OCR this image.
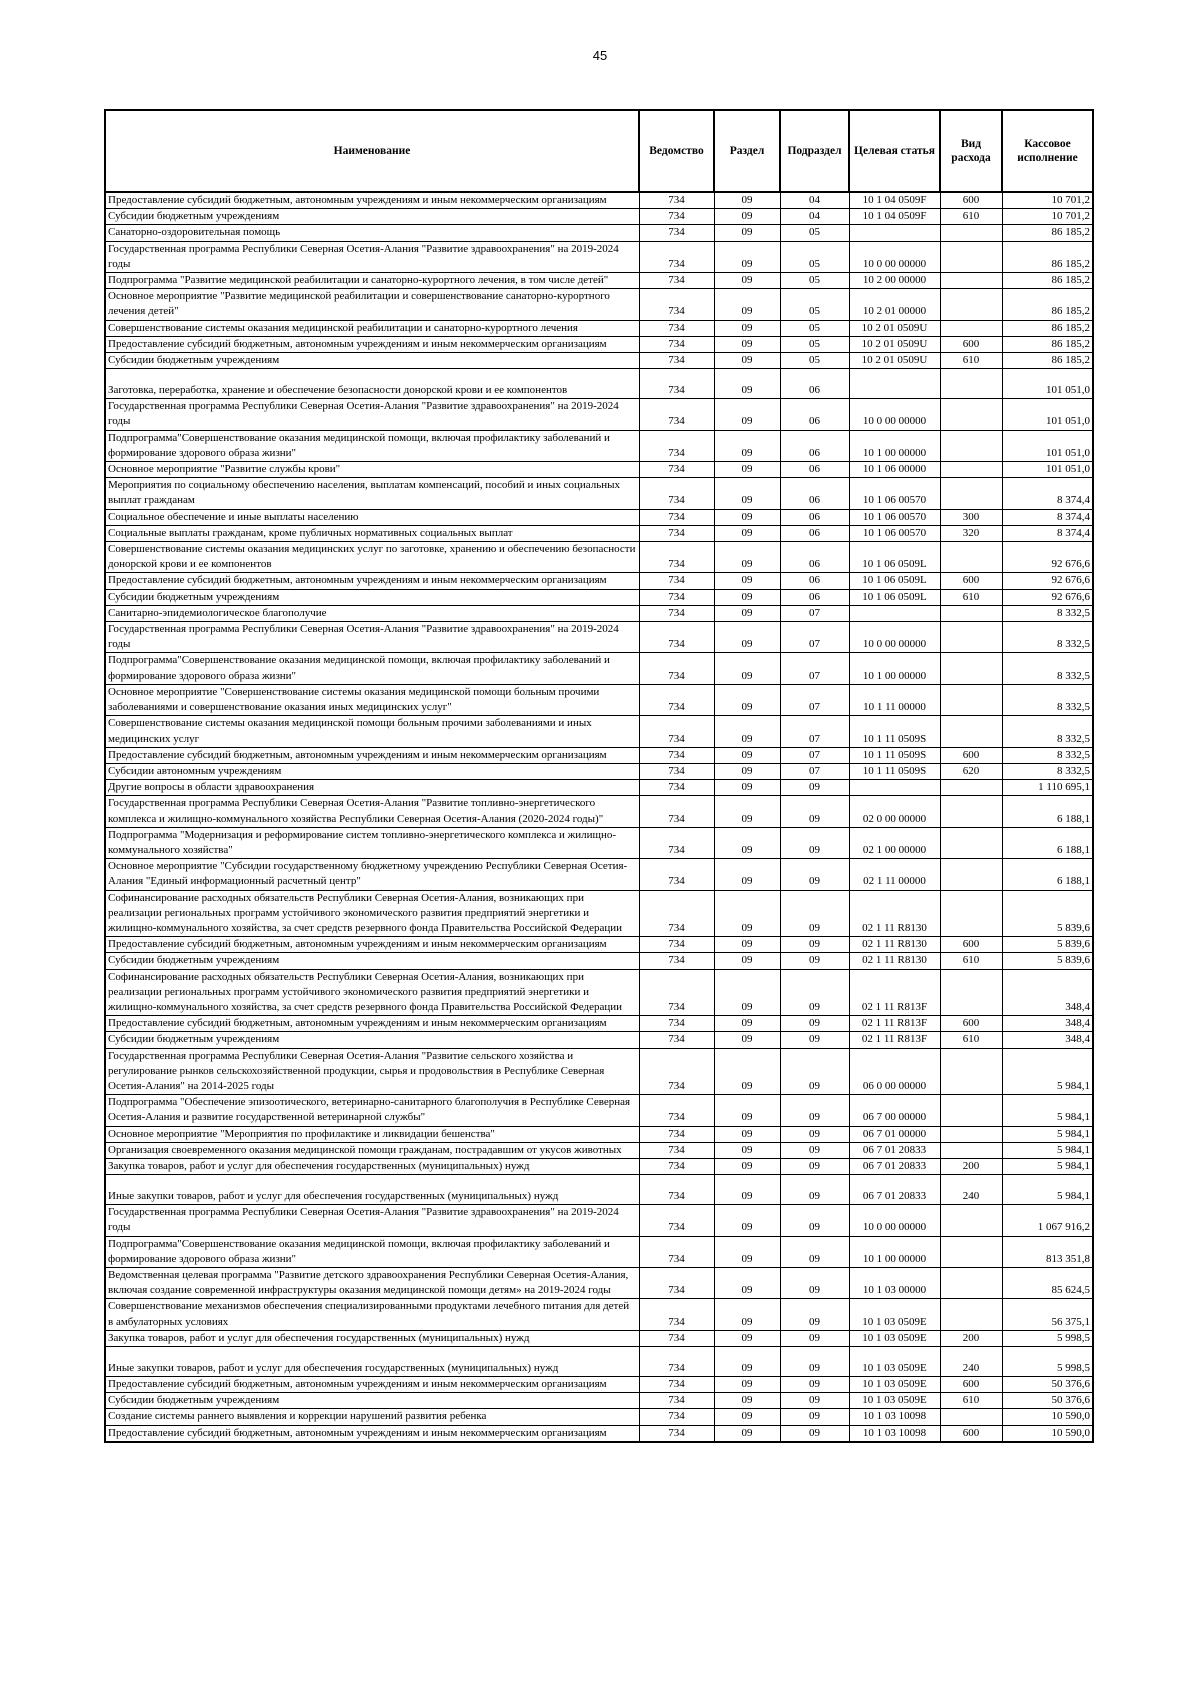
45
Наименование	Ведомство	Раздел	Подраздел	Целевая статья	Вид расхода	Кассовое исполнение
Предоставление субсидий бюджетным, автономным учреждениям и иным некоммерческим организациям	734	09	04	10 1 04 0509F	600	10 701,2
Субсидии бюджетным учреждениям	734	09	04	10 1 04 0509F	610	10 701,2
Санаторно-оздоровительная помощь	734	09	05			86 185,2
Государственная программа Республики Северная Осетия-Алания "Развитие здравоохранения" на 2019-2024 годы	734	09	05	10 0 00 00000		86 185,2
Подпрограмма "Развитие медицинской реабилитации и санаторно-курортного лечения, в том числе детей"	734	09	05	10 2 00 00000		86 185,2
Основное мероприятие "Развитие медицинской реабилитации и совершенствование санаторно-курортного лечения детей"	734	09	05	10 2 01 00000		86 185,2
Совершенствование системы оказания медицинской реабилитации и санаторно-курортного лечения	734	09	05	10 2 01 0509U		86 185,2
Предоставление субсидий бюджетным, автономным учреждениям и иным некоммерческим организациям	734	09	05	10 2 01 0509U	600	86 185,2
Субсидии бюджетным учреждениям	734	09	05	10 2 01 0509U	610	86 185,2
Заготовка, переработка, хранение и обеспечение безопасности донорской крови и ее компонентов	734	09	06			101 051,0
Государственная программа Республики Северная Осетия-Алания "Развитие здравоохранения" на 2019-2024 годы	734	09	06	10 0 00 00000		101 051,0
Подпрограмма"Совершенствование оказания медицинской помощи, включая профилактику заболеваний и формирование здорового образа жизни"	734	09	06	10 1 00 00000		101 051,0
Основное мероприятие "Развитие службы крови"	734	09	06	10 1 06 00000		101 051,0
Мероприятия по социальному обеспечению населения, выплатам компенсаций, пособий и иных социальных выплат гражданам	734	09	06	10 1 06 00570		8 374,4
Социальное обеспечение и иные выплаты населению	734	09	06	10 1 06 00570	300	8 374,4
Социальные выплаты гражданам, кроме публичных нормативных социальных выплат	734	09	06	10 1 06 00570	320	8 374,4
Совершенствование системы оказания медицинских услуг по заготовке, хранению и обеспечению безопасности донорской крови и ее компонентов	734	09	06	10 1 06 0509L		92 676,6
Предоставление субсидий бюджетным, автономным учреждениям и иным некоммерческим организациям	734	09	06	10 1 06 0509L	600	92 676,6
Субсидии бюджетным учреждениям	734	09	06	10 1 06 0509L	610	92 676,6
Санитарно-эпидемиологическое благополучие	734	09	07			8 332,5
Государственная программа Республики Северная Осетия-Алания "Развитие здравоохранения" на 2019-2024 годы	734	09	07	10 0 00 00000		8 332,5
Подпрограмма"Совершенствование оказания медицинской помощи, включая профилактику заболеваний и формирование здорового образа жизни"	734	09	07	10 1 00 00000		8 332,5
Основное мероприятие "Совершенствование системы оказания медицинской помощи больным прочими заболеваниями и совершенствование оказания иных медицинских услуг"	734	09	07	10 1 11 00000		8 332,5
Совершенствование системы оказания медицинской помощи больным прочими заболеваниями и иных медицинских услуг	734	09	07	10 1 11 0509S		8 332,5
Предоставление субсидий бюджетным, автономным учреждениям и иным некоммерческим организациям	734	09	07	10 1 11 0509S	600	8 332,5
Субсидии автономным учреждениям	734	09	07	10 1 11 0509S	620	8 332,5
Другие вопросы в области здравоохранения	734	09	09			1 110 695,1
Государственная программа Республики Северная Осетия-Алания "Развитие топливно-энергетического комплекса и жилищно-коммунального хозяйства Республики Северная Осетия-Алания (2020-2024 годы)"	734	09	09	02 0 00 00000		6 188,1
Подпрограмма "Модернизация и реформирование систем топливно-энергетического комплекса и жилищно-коммунального хозяйства"	734	09	09	02 1 00 00000		6 188,1
Основное мероприятие "Субсидии государственному бюджетному учреждению Республики Северная Осетия-Алания "Единый информационный расчетный центр"	734	09	09	02 1 11 00000		6 188,1
Софинансирование расходных обязательств Республики Северная Осетия-Алания, возникающих при реализации региональных программ устойчивого экономического развития предприятий энергетики и жилищно-коммунального хозяйства, за счет средств резервного фонда Правительства Российской Федерации	734	09	09	02 1 11 R8130		5 839,6
Предоставление субсидий бюджетным, автономным учреждениям и иным некоммерческим организациям	734	09	09	02 1 11 R8130	600	5 839,6
Субсидии бюджетным учреждениям	734	09	09	02 1 11 R8130	610	5 839,6
Софинансирование расходных обязательств Республики Северная Осетия-Алания, возникающих при реализации региональных программ устойчивого экономического развития предприятий энергетики и жилищно-коммунального хозяйства, за счет средств резервного фонда Правительства Российской Федерации	734	09	09	02 1 11 R813F		348,4
Предоставление субсидий бюджетным, автономным учреждениям и иным некоммерческим организациям	734	09	09	02 1 11 R813F	600	348,4
Субсидии бюджетным учреждениям	734	09	09	02 1 11 R813F	610	348,4
Государственная программа Республики Северная Осетия-Алания "Развитие сельского хозяйства и регулирование рынков сельскохозяйственной продукции, сырья и продовольствия в Республике Северная Осетия-Алания" на 2014-2025 годы	734	09	09	06 0 00 00000		5 984,1
Подпрограмма "Обеспечение эпизоотического, ветеринарно-санитарного благополучия в Республике Северная Осетия-Алания и развитие государственной ветеринарной службы"	734	09	09	06 7 00 00000		5 984,1
Основное мероприятие "Мероприятия по профилактике и ликвидации бешенства"	734	09	09	06 7 01 00000		5 984,1
Организация своевременного оказания медицинской помощи гражданам, пострадавшим от укусов животных	734	09	09	06 7 01 20833		5 984,1
Закупка товаров, работ и услуг для обеспечения государственных (муниципальных) нужд	734	09	09	06 7 01 20833	200	5 984,1
Иные закупки товаров, работ и услуг для обеспечения государственных (муниципальных) нужд	734	09	09	06 7 01 20833	240	5 984,1
Государственная программа Республики Северная Осетия-Алания "Развитие здравоохранения" на 2019-2024 годы	734	09	09	10 0 00 00000		1 067 916,2
Подпрограмма"Совершенствование оказания медицинской помощи, включая профилактику заболеваний и формирование здорового образа жизни"	734	09	09	10 1 00 00000		813 351,8
Ведомственная целевая программа "Развитие детского здравоохранения Республики Северная Осетия-Алания, включая создание современной инфраструктуры оказания медицинской помощи детям» на 2019-2024 годы	734	09	09	10 1 03 00000		85 624,5
Совершенствование механизмов обеспечения специализированными продуктами лечебного питания для детей в амбулаторных условиях	734	09	09	10 1 03 0509E		56 375,1
Закупка товаров, работ и услуг для обеспечения государственных (муниципальных) нужд	734	09	09	10 1 03 0509E	200	5 998,5
Иные закупки товаров, работ и услуг для обеспечения государственных (муниципальных) нужд	734	09	09	10 1 03 0509E	240	5 998,5
Предоставление субсидий бюджетным, автономным учреждениям и иным некоммерческим организациям	734	09	09	10 1 03 0509E	600	50 376,6
Субсидии бюджетным учреждениям	734	09	09	10 1 03 0509E	610	50 376,6
Создание системы раннего выявления и коррекции нарушений развития ребенка	734	09	09	10 1 03 10098		10 590,0
Предоставление субсидий бюджетным, автономным учреждениям и иным некоммерческим организациям	734	09	09	10 1 03 10098	600	10 590,0
